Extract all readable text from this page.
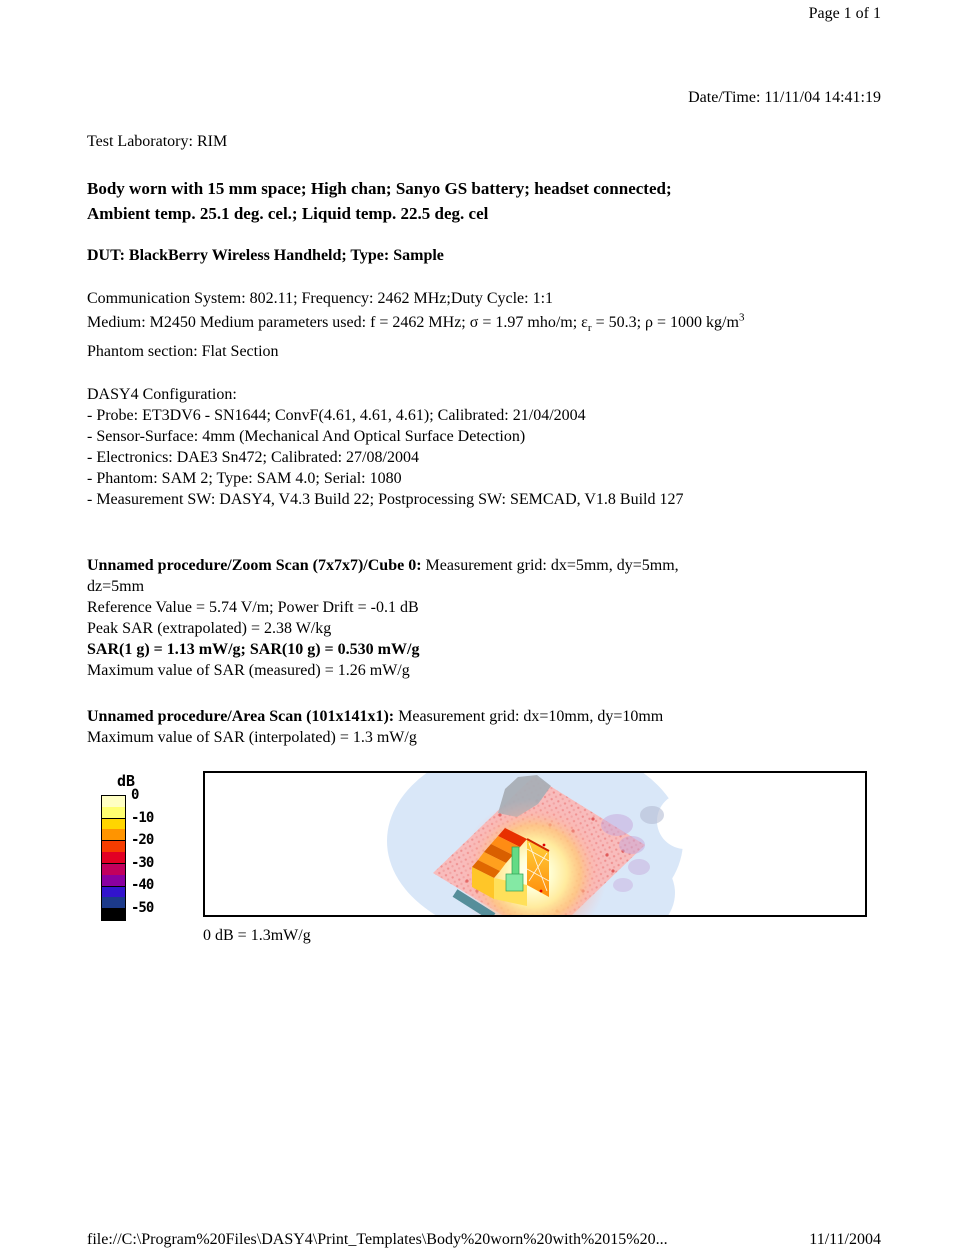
Page 1 of 1
Date/Time: 11/11/04 14:41:19
Test Laboratory: RIM
Body worn with 15 mm space; High chan; Sanyo GS battery; headset connected;
Ambient temp. 25.1 deg. cel.; Liquid temp. 22.5 deg. cel
DUT: BlackBerry Wireless Handheld; Type: Sample
Communication System: 802.11; Frequency: 2462 MHz;Duty Cycle: 1:1
Medium: M2450 Medium parameters used: f = 2462 MHz; σ = 1.97 mho/m; $\varepsilon_r = 50.3$; ρ = 1000 $kg/m^3$
Phantom section: Flat Section
DASY4 Configuration:
- Probe: ET3DV6 - SN1644; ConvF(4.61, 4.61, 4.61); Calibrated: 21/04/2004
- Sensor-Surface: 4mm (Mechanical And Optical Surface Detection)
- Electronics: DAE3 Sn472; Calibrated: 27/08/2004
- Phantom: SAM 2; Type: SAM 4.0; Serial: 1080
- Measurement SW: DASY4, V4.3 Build 22; Postprocessing SW: SEMCAD, V1.8 Build 127
Unnamed procedure/Zoom Scan (7x7x7)/Cube 0: Measurement grid: dx=5mm, dy=5mm,
dz=5mm
Reference Value = 5.74 V/m; Power Drift = -0.1 dB
Peak SAR (extrapolated) = 2.38 W/kg
SAR(1 g) = 1.13 mW/g; SAR(10 g) = 0.530 mW/g
Maximum value of SAR (measured) = 1.26 mW/g
Unnamed procedure/Area Scan (101x141x1): Measurement grid: dx=10mm, dy=10mm
Maximum value of SAR (interpolated) = 1.3 mW/g
dB
0
-10
-20
-30
-40
-50
0 dB = 1.3mW/g
file://C:\Program%20Files\DASY4\Print_Templates\Body%20worn%20with%2015%20...	11/11/2004
